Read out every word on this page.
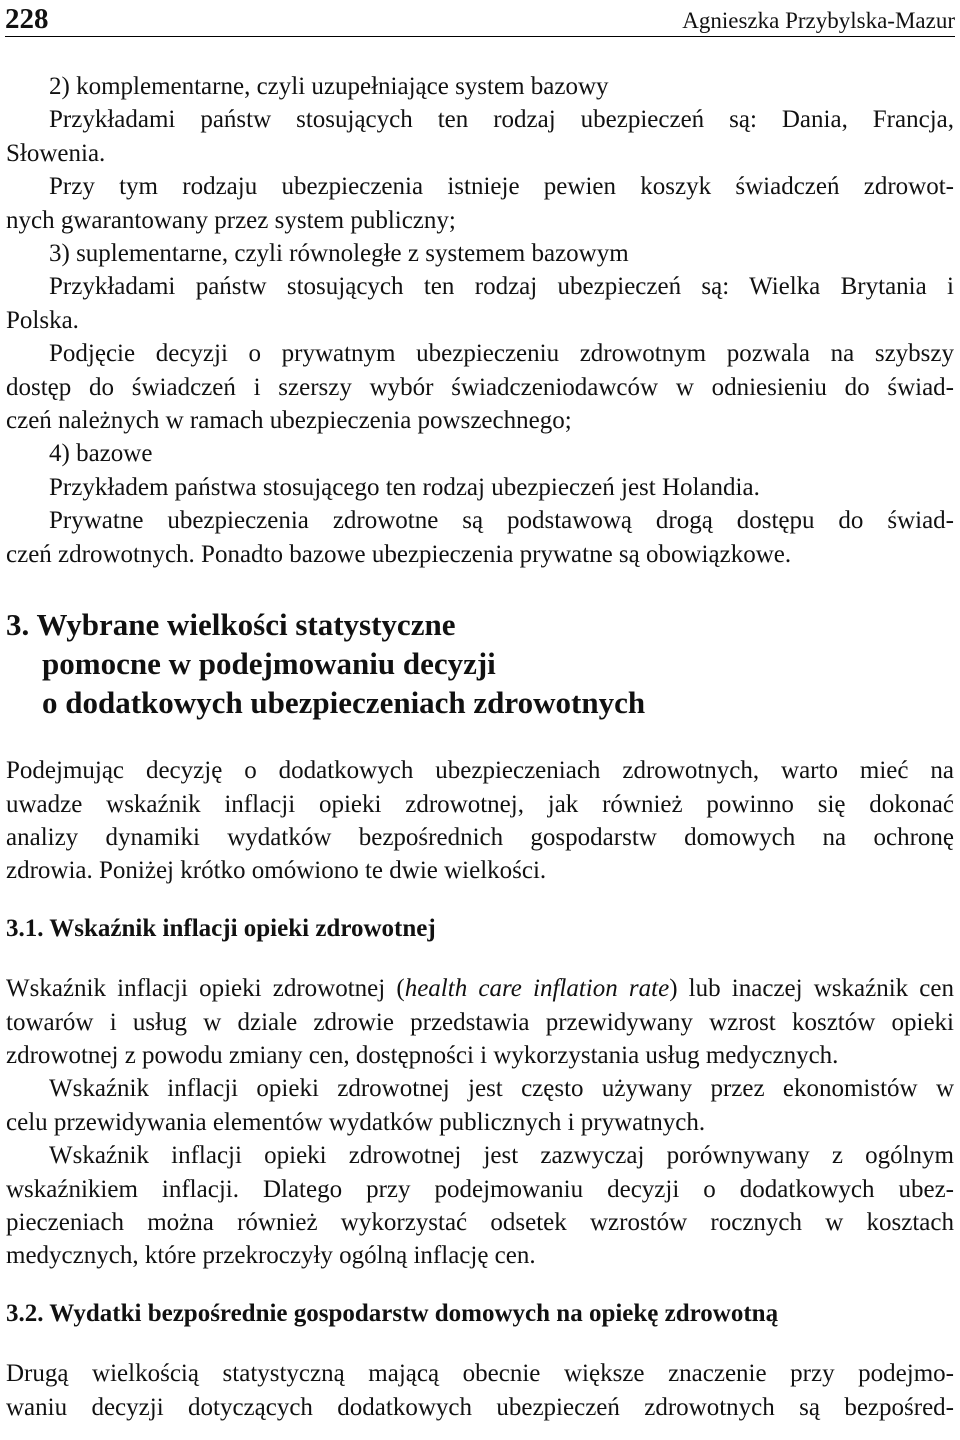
228	Agnieszka Przybylska-Mazur

2) komplementarne, czyli uzupełniające system bazowy

Przykładami państw stosujących ten rodzaj ubezpieczeń są: Dania, Francja,

Słowenia.

Przy tym rodzaju ubezpieczenia istnieje pewien koszyk świadczeń zdrowot-

nych gwarantowany przez system publiczny;

3) suplementarne, czyli równoległe z systemem bazowym

Przykładami państw stosujących ten rodzaj ubezpieczeń są: Wielka Brytania i

Polska.

Podjęcie decyzji o prywatnym ubezpieczeniu zdrowotnym pozwala na szybszy

dostęp do świadczeń i szerszy wybór świadczeniodawców w odniesieniu do świad-

czeń należnych w ramach ubezpieczenia powszechnego;

4) bazowe

Przykładem państwa stosującego ten rodzaj ubezpieczeń jest Holandia.

Prywatne ubezpieczenia zdrowotne są podstawową drogą dostępu do świad-

czeń zdrowotnych. Ponadto bazowe ubezpieczenia prywatne są obowiązkowe.

3. Wybrane wielkości statystyczne
pomocne w podejmowaniu decyzji
o dodatkowych ubezpieczeniach zdrowotnych

Podejmując decyzję o dodatkowych ubezpieczeniach zdrowotnych, warto mieć na

uwadze wskaźnik inflacji opieki zdrowotnej, jak również powinno się dokonać

analizy dynamiki wydatków bezpośrednich gospodarstw domowych na ochronę

zdrowia. Poniżej krótko omówiono te dwie wielkości.

3.1. Wskaźnik inflacji opieki zdrowotnej

Wskaźnik inflacji opieki zdrowotnej (health care inflation rate) lub inaczej wskaźnik cen

towarów i usług w dziale zdrowie przedstawia przewidywany wzrost kosztów opieki

zdrowotnej z powodu zmiany cen, dostępności i wykorzystania usług medycznych.

Wskaźnik inflacji opieki zdrowotnej jest często używany przez ekonomistów w

celu przewidywania elementów wydatków publicznych i prywatnych.

Wskaźnik inflacji opieki zdrowotnej jest zazwyczaj porównywany z ogólnym

wskaźnikiem inflacji. Dlatego przy podejmowaniu decyzji o dodatkowych ubez-

pieczeniach można również wykorzystać odsetek wzrostów rocznych w kosztach

medycznych, które przekroczyły ogólną inflację cen.

3.2. Wydatki bezpośrednie gospodarstw domowych na opiekę zdrowotną

Drugą wielkością statystyczną mającą obecnie większe znaczenie przy podejmo-

waniu decyzji dotyczących dodatkowych ubezpieczeń zdrowotnych są bezpośred-
